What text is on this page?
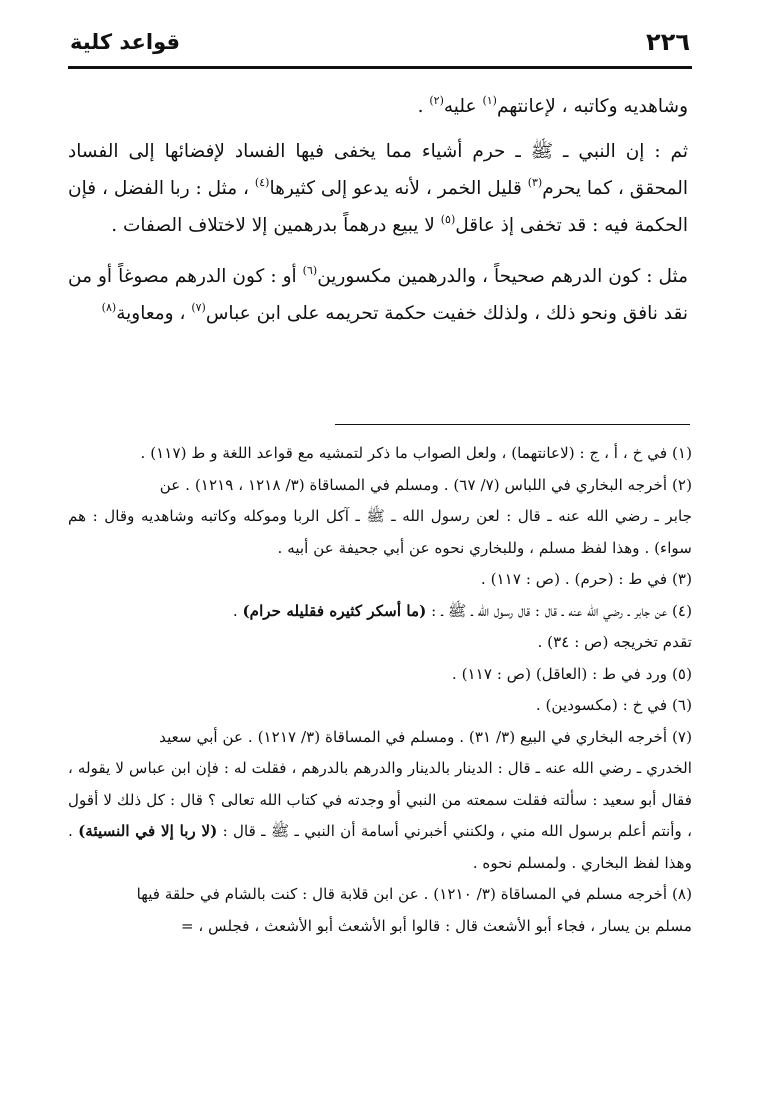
٢٢٦
قواعد كلية

وشاهديه وكاتبه ، لإعانتهم$^{(١)}$ عليه$^{(٢)}$ .

ثم : إن النبي ـ ﷺ ـ حرم أشياء مما يخفى فيها الفساد لإفضائها إلى الفساد المحقق ، كما يحرم$^{(٣)}$ قليل الخمر ، لأنه يدعو إلى كثيرها$^{(٤)}$ ، مثل : ربا الفضل ، فإن الحكمة فيه : قد تخفى إذ عاقل$^{(٥)}$ لا يبيع درهماً بدرهمين إلا لاختلاف الصفات .

مثل : كون الدرهم صحيحاً ، والدرهمين مكسورين$^{(٦)}$ أو : كون الدرهم مصوغاً أو من نقد نافق ونحو ذلك ، ولذلك خفيت حكمة تحريمه على ابن عباس$^{(٧)}$ ، ومعاوية$^{(٨)}$

(١) في خ ، أ ، ج : (لاعانتهما) ، ولعل الصواب ما ذكر لتمشيه مع قواعد اللغة و ط (١١٧) .

(٢) أخرجه البخاري في اللباس (٧/ ٦٧) . ومسلم في المساقاة (٣/ ١٢١٨ ، ١٢١٩) . عن

جابر ـ رضي الله عنه ـ قال : لعن رسول الله ـ ﷺ ـ آكل الربا وموكله وكاتبه وشاهديه وقال : هم سواء) . وهذا لفظ مسلم ، وللبخاري نحوه عن أبي جحيفة عن أبيه .

(٣) في ط : (حرم) . (ص : ١١٧) .

(٤) عن جابر ـ رضي الله عنه ـ قال : قال رسول الله ـ ﷺ ـ : (ما أسكر كثيره فقليله حرام) .

تقدم تخريجه (ص : ٣٤) .

(٥) ورد في ط : (العاقل) (ص : ١١٧) .

(٦) في خ : (مكسودين) .

(٧) أخرجه البخاري في البيع (٣/ ٣١) . ومسلم في المساقاة (٣/ ١٢١٧) . عن أبي سعيد

الخدري ـ رضي الله عنه ـ قال : الدينار بالدينار والدرهم بالدرهم ، فقلت له : فإن ابن عباس لا يقوله ، فقال أبو سعيد : سألته فقلت سمعته من النبي أو وجدته في كتاب الله تعالى ؟ قال : كل ذلك لا أقول ، وأنتم أعلم برسول الله مني ، ولكنني أخبرني أسامة أن النبي ـ ﷺ ـ قال : (لا ربا إلا في النسيئة) . وهذا لفظ البخاري . ولمسلم نحوه .

(٨) أخرجه مسلم في المساقاة (٣/ ١٢١٠) . عن ابن قلابة قال : كنت بالشام في حلقة فيها

مسلم بن يسار ، فجاء أبو الأشعث قال : قالوا أبو الأشعث أبو الأشعث ، فجلس ، =
